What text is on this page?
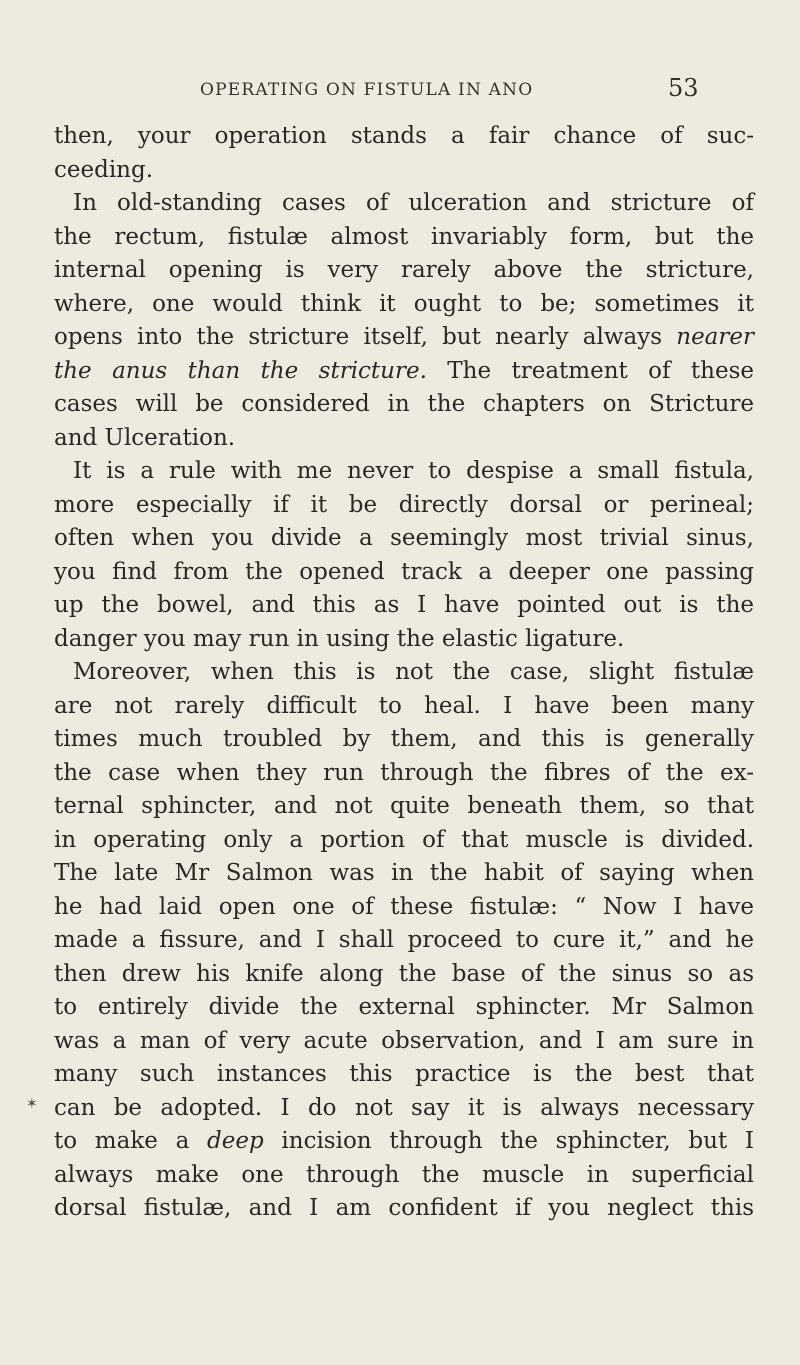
OPERATING ON FISTULA IN ANO	53
then, your operation stands a fair chance of suc-
ceeding.
In old-standing cases of ulceration and stricture of
the rectum, fistulæ almost invariably form, but the
internal opening is very rarely above the stricture,
where, one would think it ought to be; sometimes it
opens into the stricture itself, but nearly always nearer
the anus than the stricture. The treatment of these
cases will be considered in the chapters on Stricture
and Ulceration.
It is a rule with me never to despise a small fistula,
more especially if it be directly dorsal or perineal;
often when you divide a seemingly most trivial sinus,
you find from the opened track a deeper one passing
up the bowel, and this as I have pointed out is the
danger you may run in using the elastic ligature.
Moreover, when this is not the case, slight fistulæ
are not rarely difficult to heal. I have been many
times much troubled by them, and this is generally
the case when they run through the fibres of the ex-
ternal sphincter, and not quite beneath them, so that
in operating only a portion of that muscle is divided.
The late Mr Salmon was in the habit of saying when
he had laid open one of these fistulæ: “ Now I have
made a fissure, and I shall proceed to cure it,” and he
then drew his knife along the base of the sinus so as
to entirely divide the external sphincter. Mr Salmon
was a man of very acute observation, and I am sure in
many such instances this practice is the best that
can be adopted. I do not say it is always necessary
to make a deep incision through the sphincter, but I
always make one through the muscle in superficial
dorsal fistulæ, and I am confident if you neglect this
✶
